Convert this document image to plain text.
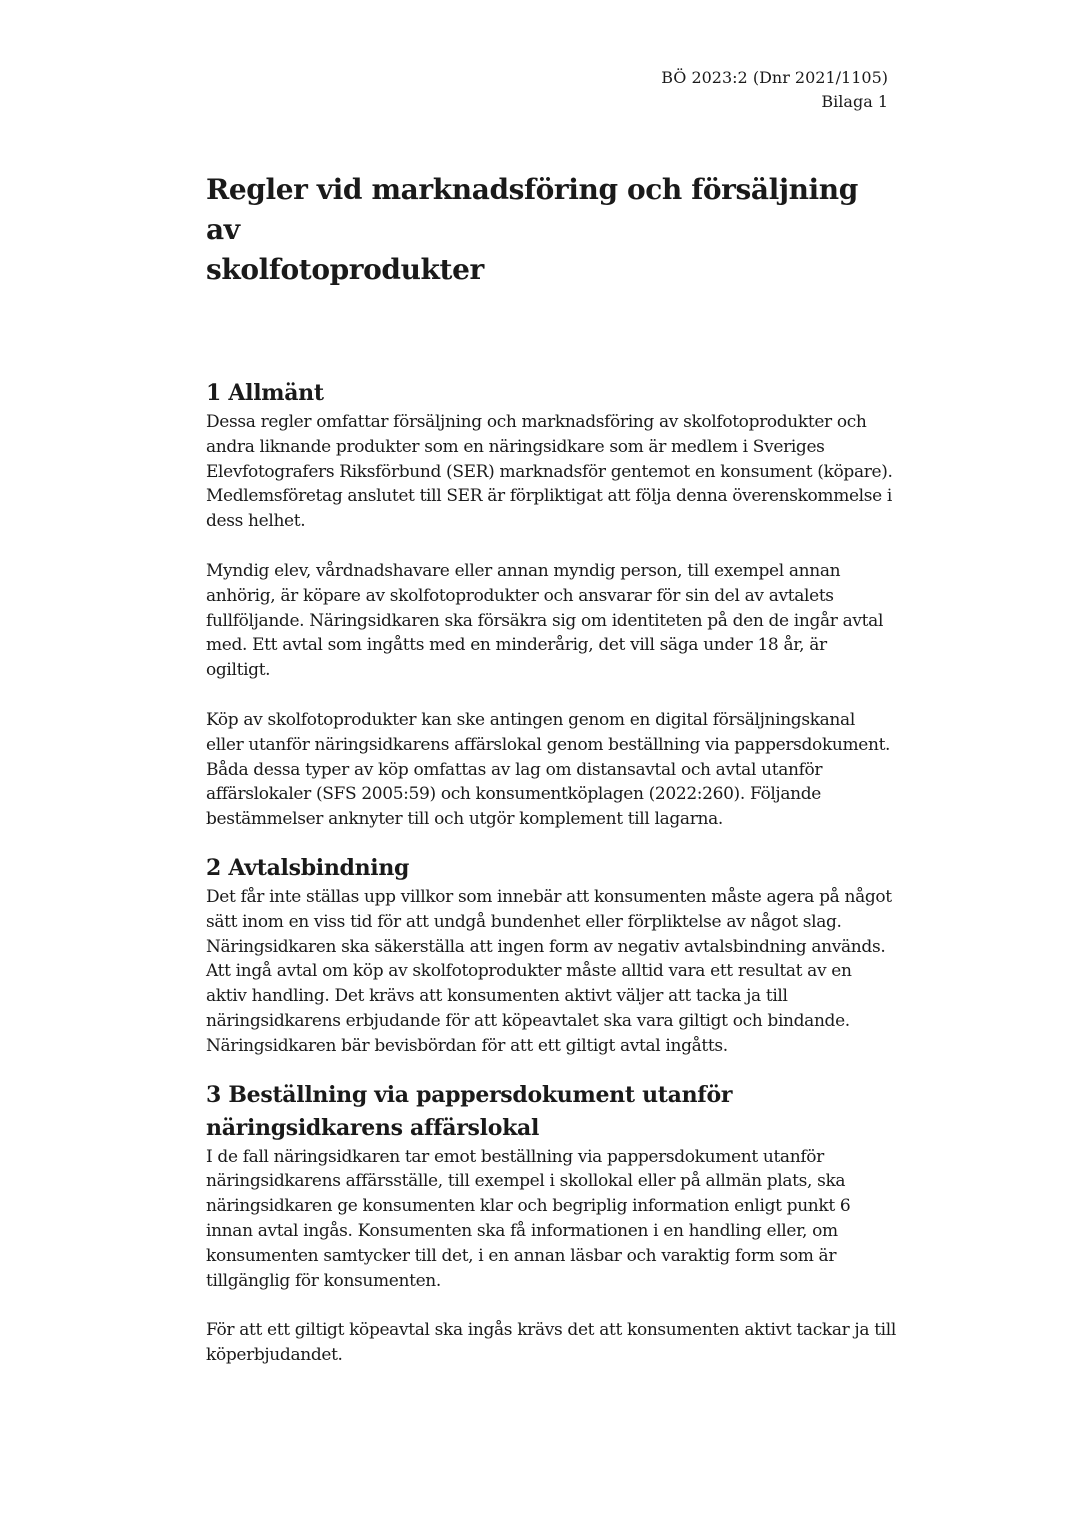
BÖ 2023:2 (Dnr 2021/1105)
Bilaga 1
Regler vid marknadsföring och försäljning av
skolfotoprodukter
1 Allmänt

Dessa regler omfattar försäljning och marknadsföring av skolfotoprodukter och andra liknande produkter som en näringsidkare som är medlem i Sveriges Elevfotografers Riksförbund (SER) marknadsför gentemot en konsument (köpare). Medlemsföretag anslutet till SER är förpliktigat att följa denna överenskommelse i dess helhet.

Myndig elev, vårdnadshavare eller annan myndig person, till exempel annan anhörig, är köpare av skolfotoprodukter och ansvarar för sin del av avtalets fullföljande. Näringsidkaren ska försäkra sig om identiteten på den de ingår avtal med. Ett avtal som ingåtts med en minderårig, det vill säga under 18 år, är ogiltigt.

Köp av skolfotoprodukter kan ske antingen genom en digital försäljningskanal eller utanför näringsidkarens affärslokal genom beställning via pappersdokument. Båda dessa typer av köp omfattas av lag om distansavtal och avtal utanför affärslokaler (SFS 2005:59) och konsumentköplagen (2022:260). Följande bestämmelser anknyter till och utgör komplement till lagarna.

2 Avtalsbindning

Det får inte ställas upp villkor som innebär att konsumenten måste agera på något sätt inom en viss tid för att undgå bundenhet eller förpliktelse av något slag. Näringsidkaren ska säkerställa att ingen form av negativ avtalsbindning används. Att ingå avtal om köp av skolfotoprodukter måste alltid vara ett resultat av en aktiv handling. Det krävs att konsumenten aktivt väljer att tacka ja till näringsidkarens erbjudande för att köpeavtalet ska vara giltigt och bindande. Näringsidkaren bär bevisbördan för att ett giltigt avtal ingåtts.

3 Beställning via pappersdokument utanför
näringsidkarens affärslokal

I de fall näringsidkaren tar emot beställning via pappersdokument utanför näringsidkarens affärsställe, till exempel i skollokal eller på allmän plats, ska näringsidkaren ge konsumenten klar och begriplig information enligt punkt 6 innan avtal ingås. Konsumenten ska få informationen i en handling eller, om konsumenten samtycker till det, i en annan läsbar och varaktig form som är tillgänglig för konsumenten.

För att ett giltigt köpeavtal ska ingås krävs det att konsumenten aktivt tackar ja till köperbjudandet.
